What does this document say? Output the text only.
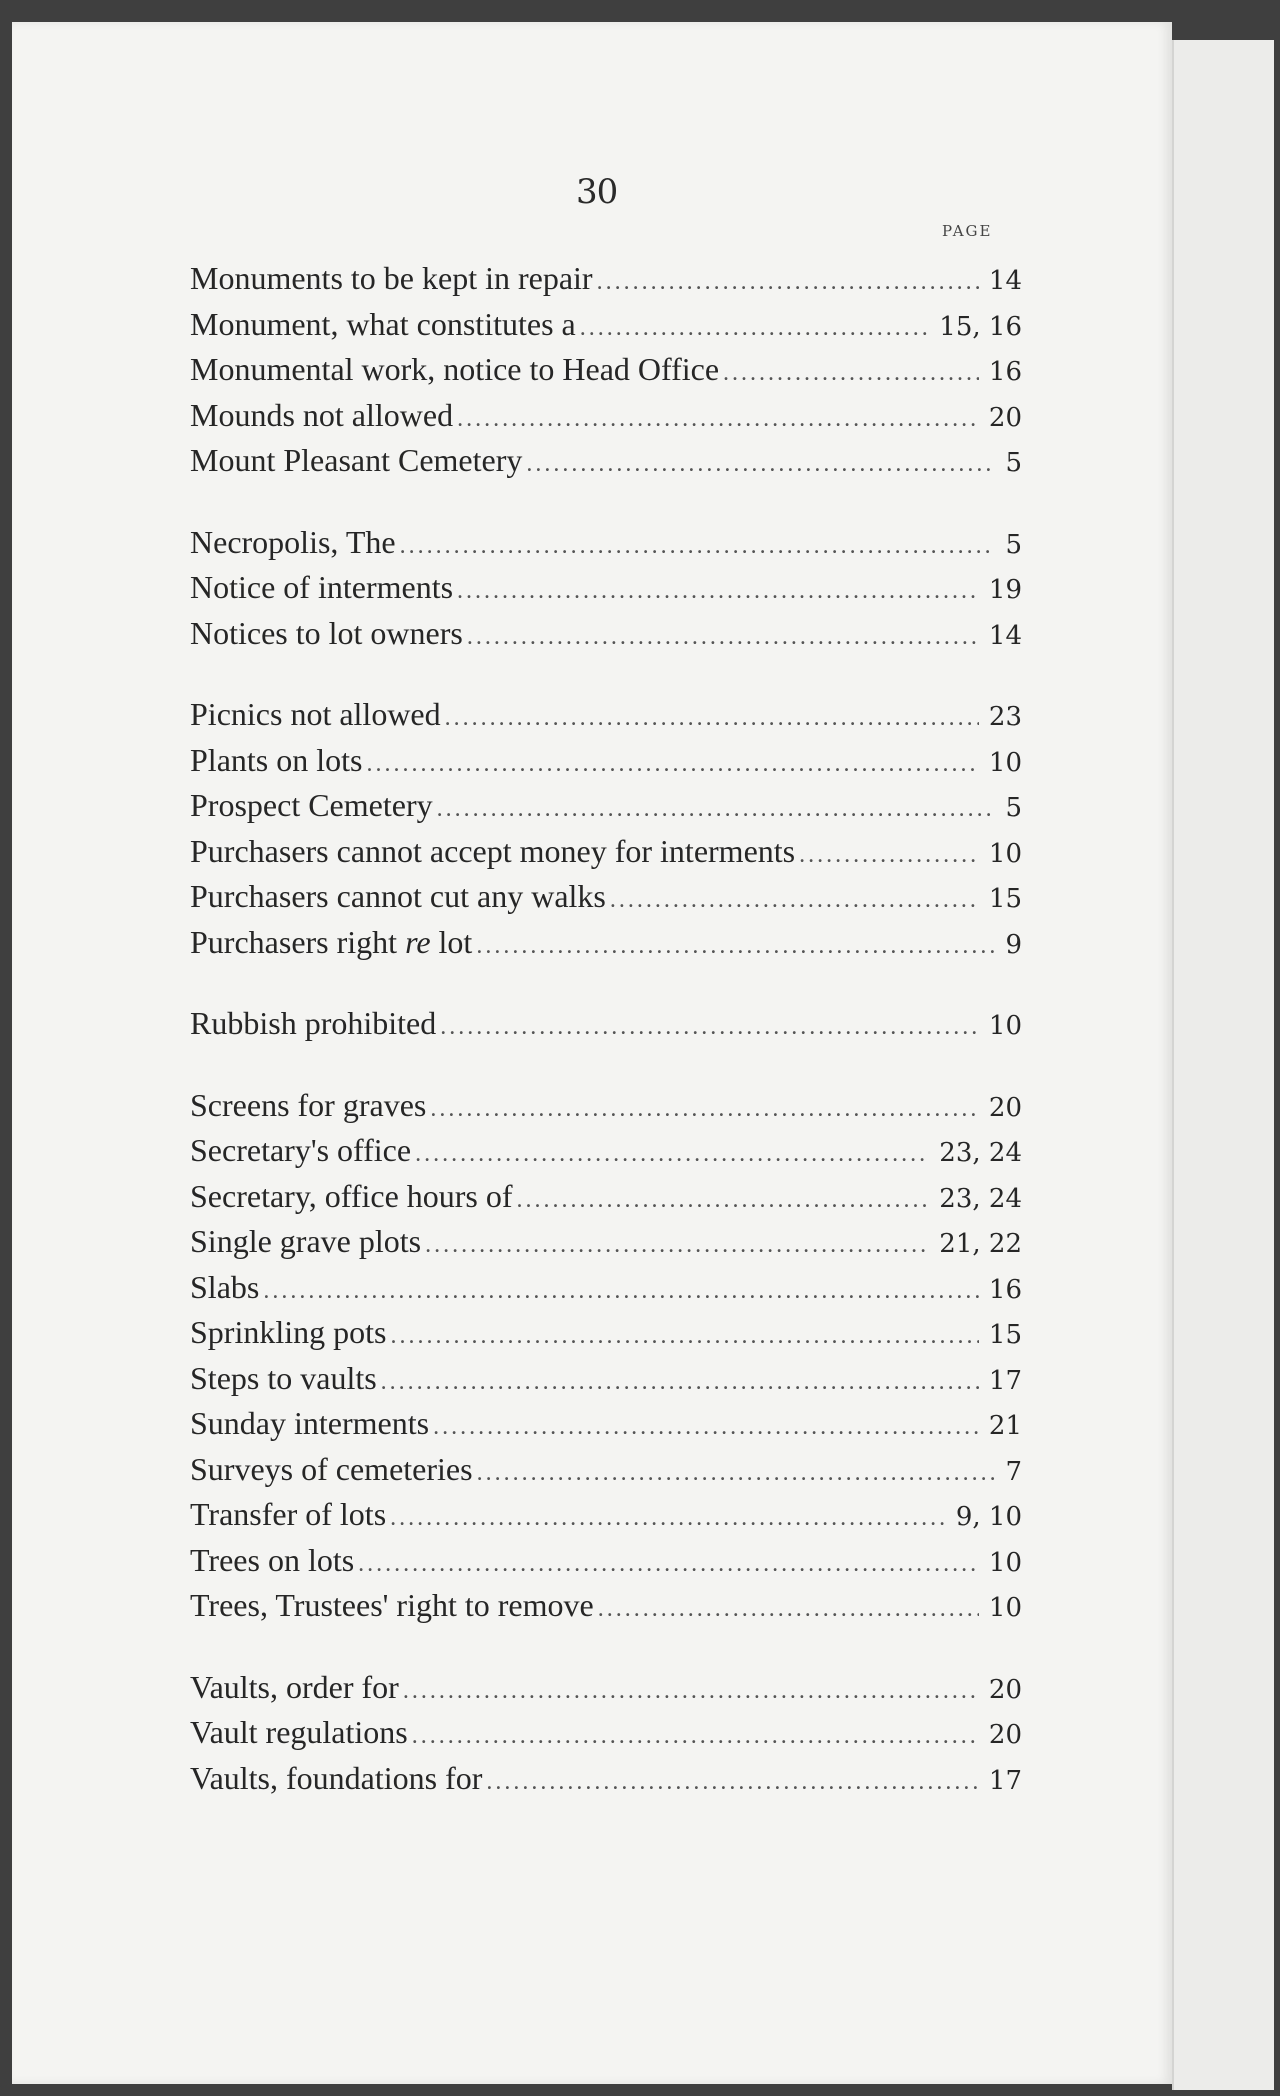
30
PAGE
Monuments to be kept in repair .....	14
Monument, what constitutes a .....	15, 16
Monumental work, notice to Head Office .....	16
Mounds not allowed .....	20
Mount Pleasant Cemetery .....	5
Necropolis, The .....	5
Notice of interments .....	19
Notices to lot owners .....	14
Picnics not allowed .....	23
Plants on lots .....	10
Prospect Cemetery .....	5
Purchasers cannot accept money for interments .....	10
Purchasers cannot cut any walks .....	15
Purchasers right re lot .....	9
Rubbish prohibited .....	10
Screens for graves .....	20
Secretary's office .....	23, 24
Secretary, office hours of .....	23, 24
Single grave plots .....	21, 22
Slabs .....	16
Sprinkling pots .....	15
Steps to vaults .....	17
Sunday interments .....	21
Surveys of cemeteries .....	7
Transfer of lots .....	9, 10
Trees on lots .....	10
Trees, Trustees' right to remove .....	10
Vaults, order for .....	20
Vault regulations .....	20
Vaults, foundations for .....	17
